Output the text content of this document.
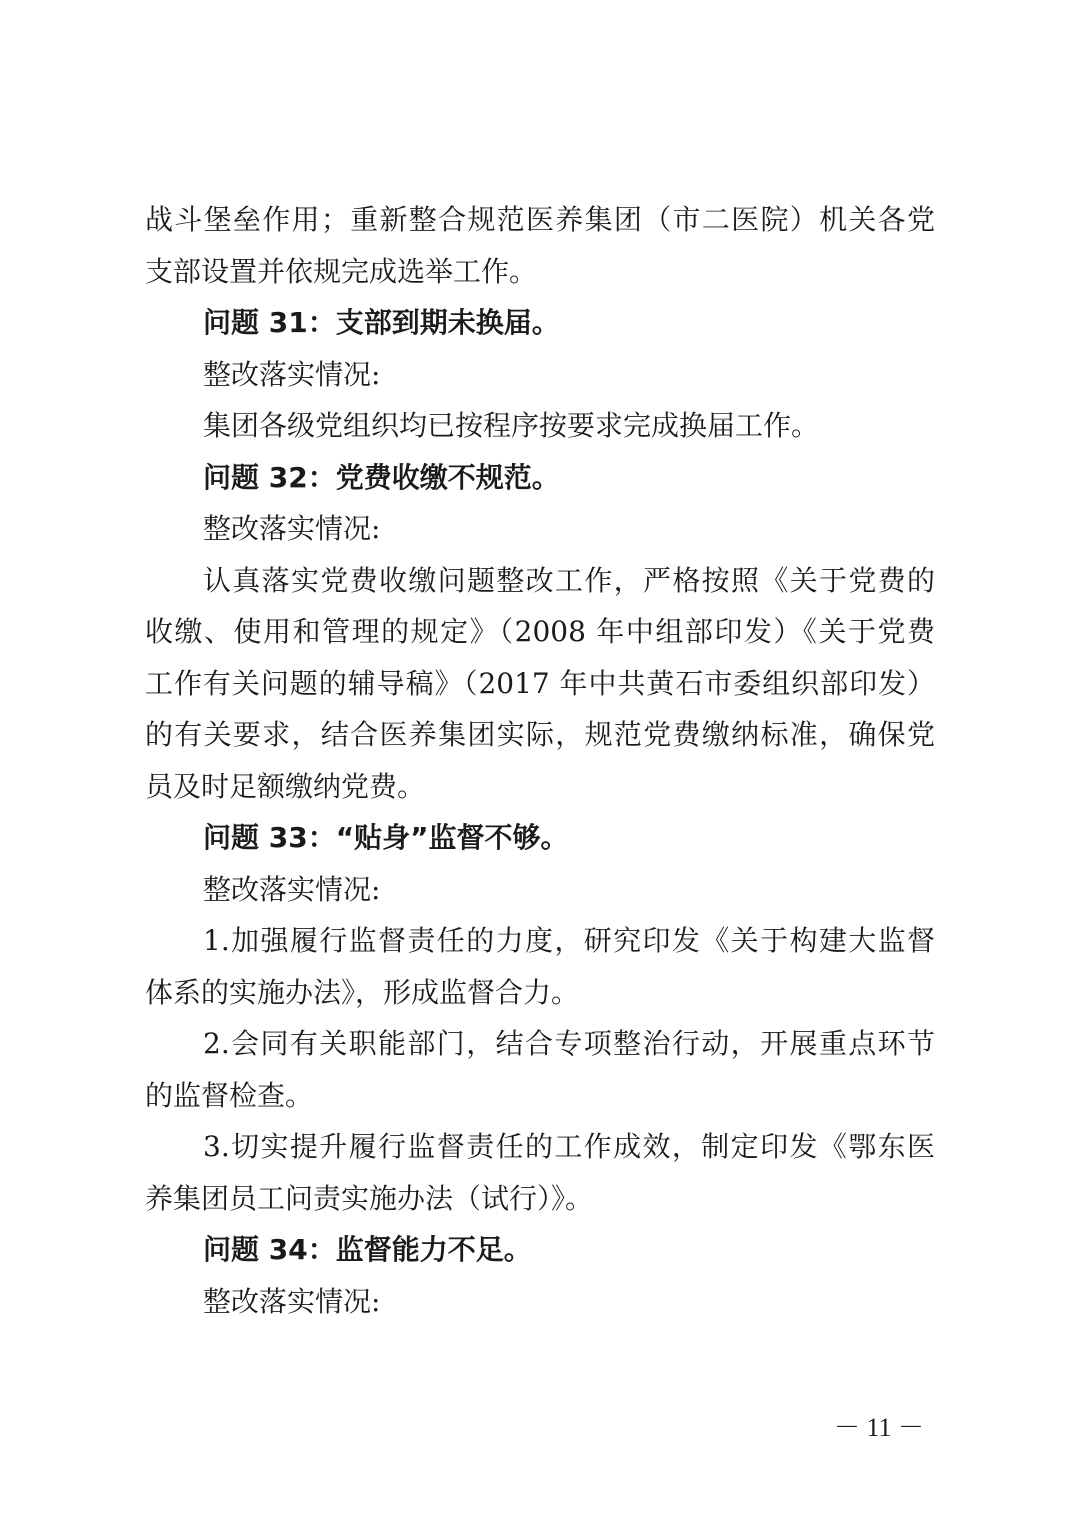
战斗堡垒作用；重新整合规范医养集团（市二医院）机关各党
支部设置并依规完成选举工作。
问题 31：支部到期未换届。
整改落实情况:
集团各级党组织均已按程序按要求完成换届工作。
问题 32：党费收缴不规范。
整改落实情况:
认真落实党费收缴问题整改工作，严格按照《关于党费的
收缴、使用和管理的规定》（2008 年中组部印发）《关于党费
工作有关问题的辅导稿》（2017 年中共黄石市委组织部印发）
的有关要求，结合医养集团实际，规范党费缴纳标准，确保党
员及时足额缴纳党费。
问题 33：“贴身”监督不够。
整改落实情况:
1.加强履行监督责任的力度，研究印发《关于构建大监督
体系的实施办法》，形成监督合力。
2.会同有关职能部门，结合专项整治行动，开展重点环节
的监督检查。
3.切实提升履行监督责任的工作成效，制定印发《鄂东医
养集团员工问责实施办法（试行）》。
问题 34：监督能力不足。
整改落实情况:
－ 11 －
